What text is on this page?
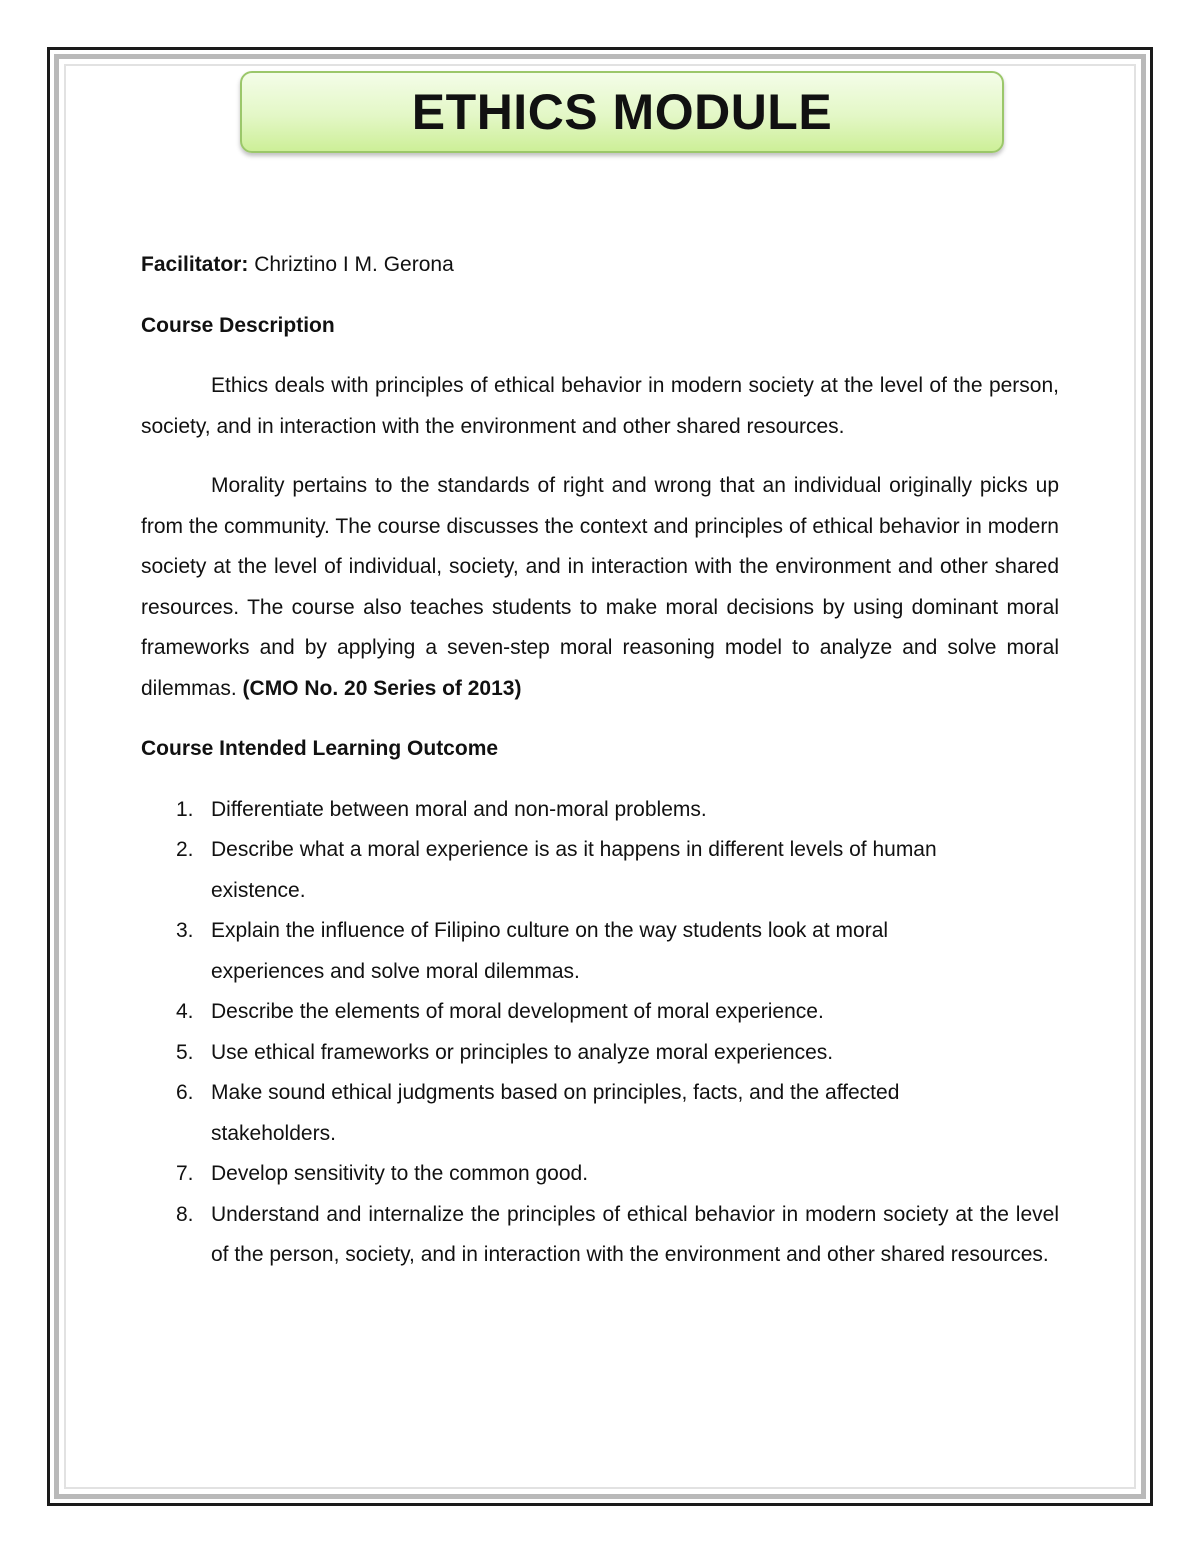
ETHICS MODULE

Facilitator: Chriztino I M. Gerona

Course Description

Ethics deals with principles of ethical behavior in modern society at the level of the person, society, and in interaction with the environment and other shared resources.

Morality pertains to the standards of right and wrong that an individual originally picks up from the community. The course discusses the context and principles of ethical behavior in modern society at the level of individual, society, and in interaction with the environment and other shared resources. The course also teaches students to make moral decisions by using dominant moral frameworks and by applying a seven-step moral reasoning model to analyze and solve moral dilemmas. (CMO No. 20 Series of 2013)

Course Intended Learning Outcome

1. Differentiate between moral and non-moral problems.
2. Describe what a moral experience is as it happens in different levels of human existence.
3. Explain the influence of Filipino culture on the way students look at moral experiences and solve moral dilemmas.
4. Describe the elements of moral development of moral experience.
5. Use ethical frameworks or principles to analyze moral experiences.
6. Make sound ethical judgments based on principles, facts, and the affected stakeholders.
7. Develop sensitivity to the common good.
8. Understand and internalize the principles of ethical behavior in modern society at the level of the person, society, and in interaction with the environment and other shared resources.
